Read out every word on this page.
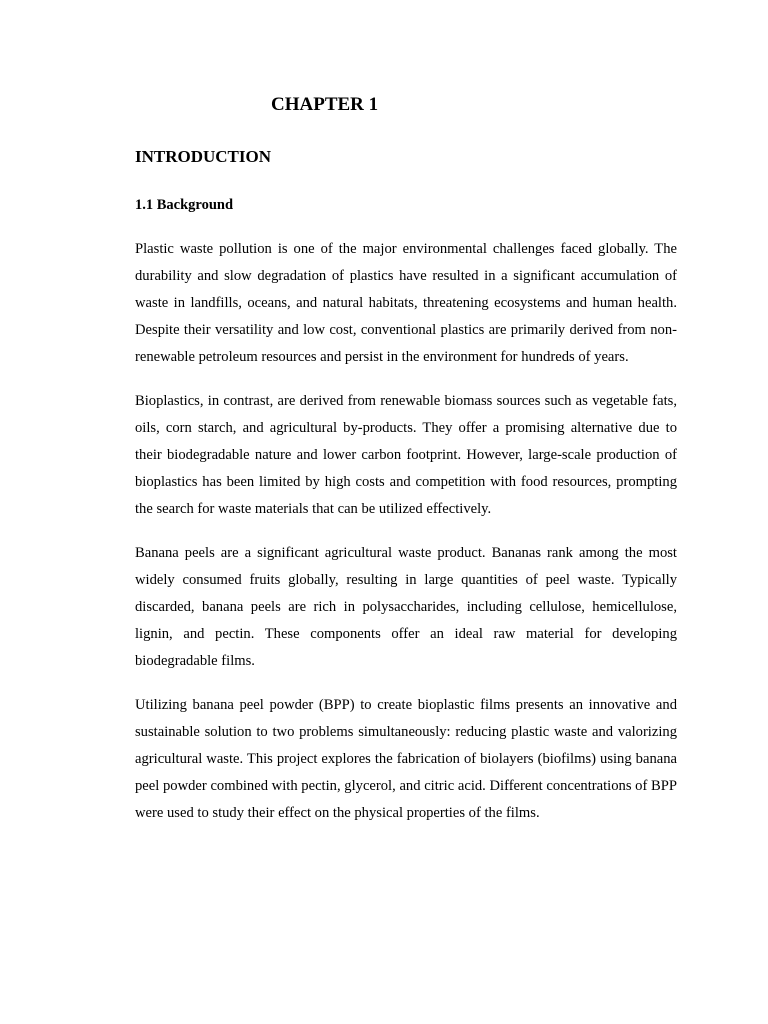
CHAPTER 1
INTRODUCTION
1.1 Background

Plastic waste pollution is one of the major environmental challenges faced globally. The durability and slow degradation of plastics have resulted in a significant accumulation of waste in landfills, oceans, and natural habitats, threatening ecosystems and human health. Despite their versatility and low cost, conventional plastics are primarily derived from non-renewable petroleum resources and persist in the environment for hundreds of years.

Bioplastics, in contrast, are derived from renewable biomass sources such as vegetable fats, oils, corn starch, and agricultural by-products. They offer a promising alternative due to their biodegradable nature and lower carbon footprint. However, large-scale production of bioplastics has been limited by high costs and competition with food resources, prompting the search for waste materials that can be utilized effectively.

Banana peels are a significant agricultural waste product. Bananas rank among the most widely consumed fruits globally, resulting in large quantities of peel waste. Typically discarded, banana peels are rich in polysaccharides, including cellulose, hemicellulose, lignin, and pectin. These components offer an ideal raw material for developing biodegradable films.

Utilizing banana peel powder (BPP) to create bioplastic films presents an innovative and sustainable solution to two problems simultaneously: reducing plastic waste and valorizing agricultural waste. This project explores the fabrication of biolayers (biofilms) using banana peel powder combined with pectin, glycerol, and citric acid. Different concentrations of BPP were used to study their effect on the physical properties of the films.
